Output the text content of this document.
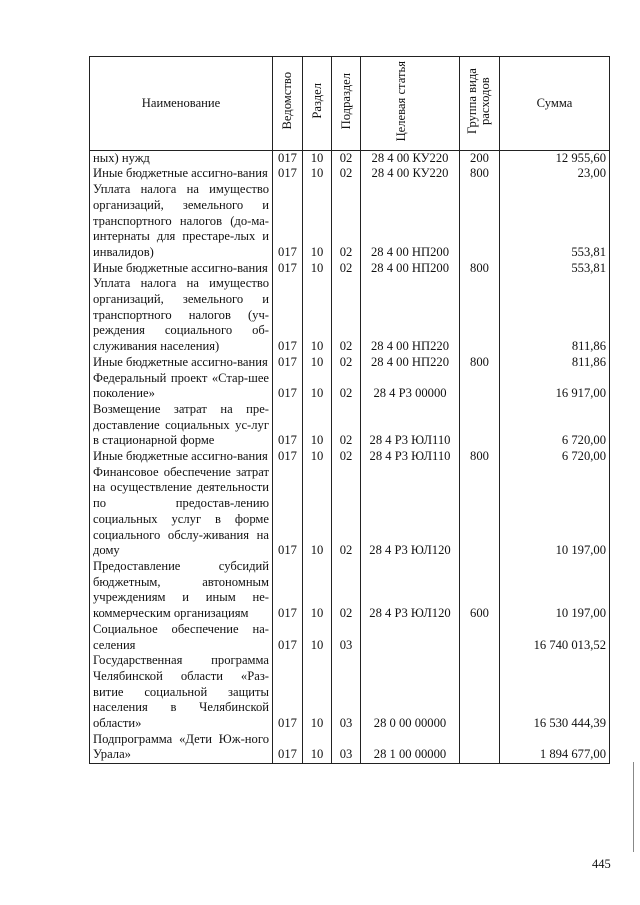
Наименование	Ведомство	Раздел	Подраздел	Целевая статья	Группа вида расходов	Сумма
ных) нужд	017	10	02	28 4 00 КУ220	200	12 955,60
Иные бюджетные ассигно-вания	017	10	02	28 4 00 КУ220	800	23,00
Уплата налога на имущество организаций, земельного и транспортного налогов (до-ма-интернаты для престаре-лых и инвалидов)	017	10	02	28 4 00 НП200		553,81
Иные бюджетные ассигно-вания	017	10	02	28 4 00 НП200	800	553,81
Уплата налога на имущество организаций, земельного и транспортного налогов (уч-реждения социального об-служивания населения)	017	10	02	28 4 00 НП220		811,86
Иные бюджетные ассигно-вания	017	10	02	28 4 00 НП220	800	811,86
Федеральный проект «Стар-шее поколение»	017	10	02	28 4 Р3 00000		16 917,00
Возмещение затрат на пре-доставление социальных ус-луг в стационарной форме	017	10	02	28 4 Р3 ЮЛ110		6 720,00
Иные бюджетные ассигно-вания	017	10	02	28 4 Р3 ЮЛ110	800	6 720,00
Финансовое обеспечение затрат на осуществление деятельности по предостав-лению социальных услуг в форме социального обслу-живания на дому	017	10	02	28 4 Р3 ЮЛ120		10 197,00
Предоставление субсидий бюджетным, автономным учреждениям и иным не-коммерческим организациям	017	10	02	28 4 Р3 ЮЛ120	600	10 197,00
Социальное обеспечение на-селения	017	10	03			16 740 013,52
Государственная программа Челябинской области «Раз-витие социальной защиты населения в Челябинской области»	017	10	03	28 0 00 00000		16 530 444,39
Подпрограмма «Дети Юж-ного Урала»	017	10	03	28 1 00 00000		1 894 677,00
445
